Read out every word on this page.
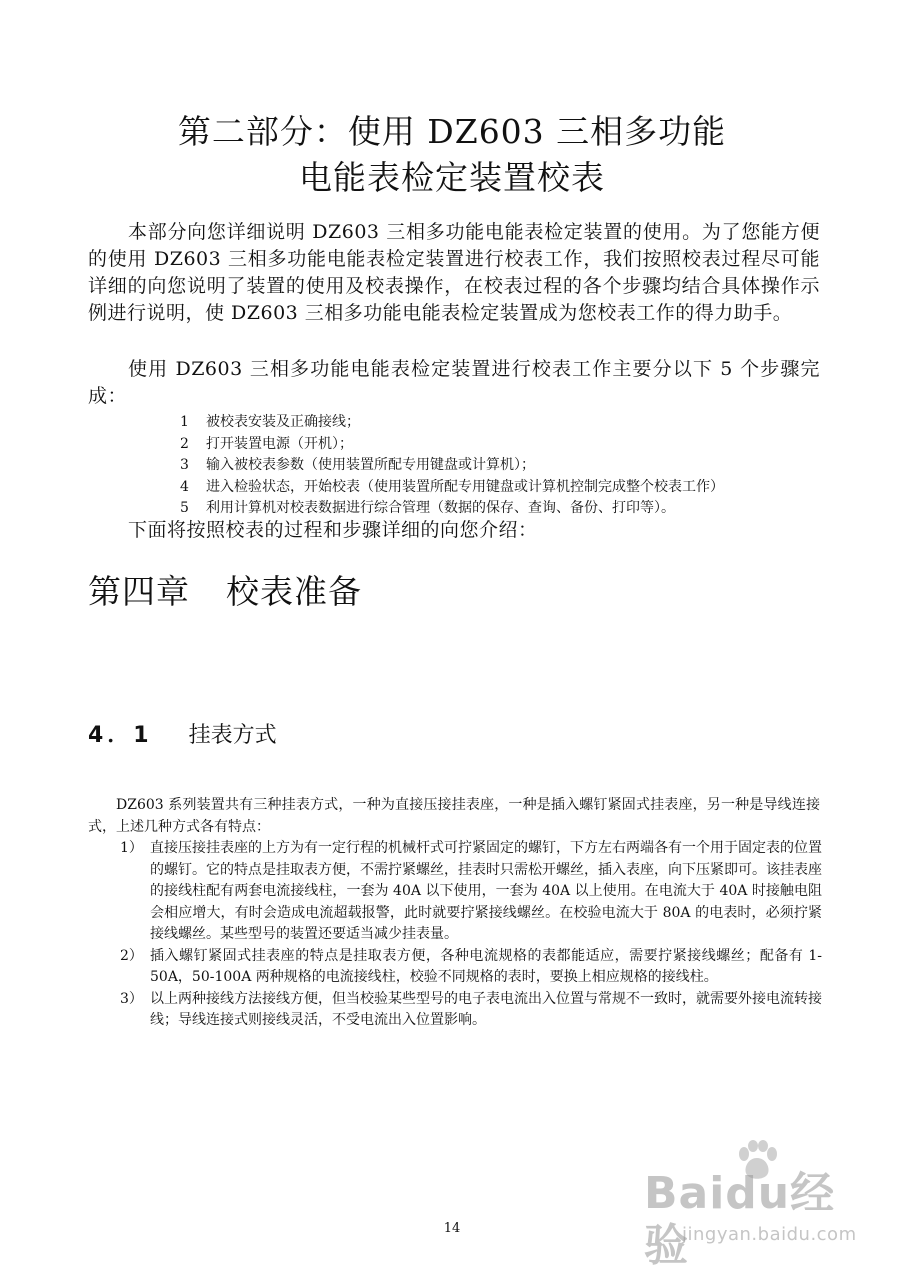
第二部分：使用 DZ603 三相多功能
电能表检定装置校表

本部分向您详细说明 DZ603 三相多功能电能表检定装置的使用。为了您能方便的使用 DZ603 三相多功能电能表检定装置进行校表工作，我们按照校表过程尽可能详细的向您说明了装置的使用及校表操作，在校表过程的各个步骤均结合具体操作示例进行说明，使 DZ603 三相多功能电能表检定装置成为您校表工作的得力助手。

使用 DZ603 三相多功能电能表检定装置进行校表工作主要分以下 5 个步骤完成：

1 被校表安装及正确接线；
2 打开装置电源（开机）；
3 输入被校表参数（使用装置所配专用键盘或计算机）；
4 进入检验状态，开始校表（使用装置所配专用键盘或计算机控制完成整个校表工作）
5 利用计算机对校表数据进行综合管理（数据的保存、查询、备份、打印等）。
下面将按照校表的过程和步骤详细的向您介绍：
第四章 校表准备
4．1 挂表方式

DZ603 系列装置共有三种挂表方式，一种为直接压接挂表座，一种是插入螺钉紧固式挂表座，另一种是导线连接式，上述几种方式各有特点：

1） 直接压接挂表座的上方为有一定行程的机械杆式可拧紧固定的螺钉，下方左右两端各有一个用于固定表的位置的螺钉。它的特点是挂取表方便，不需拧紧螺丝，挂表时只需松开螺丝，插入表座，向下压紧即可。该挂表座的接线柱配有两套电流接线柱，一套为 40A 以下使用，一套为 40A 以上使用。在电流大于 40A 时接触电阻会相应增大，有时会造成电流超载报警，此时就要拧紧接线螺丝。在校验电流大于 80A 的电表时，必须拧紧接线螺丝。某些型号的装置还要适当减少挂表量。
2） 插入螺钉紧固式挂表座的特点是挂取表方便，各种电流规格的表都能适应，需要拧紧接线螺丝；配备有 1-50A，50-100A 两种规格的电流接线柱，校验不同规格的表时，要换上相应规格的接线柱。
3） 以上两种接线方法接线方便，但当校验某些型号的电子表电流出入位置与常规不一致时，就需要外接电流转接线；导线连接式则接线灵活，不受电流出入位置影响。
14
Baidu经验
jingyan.baidu.com
